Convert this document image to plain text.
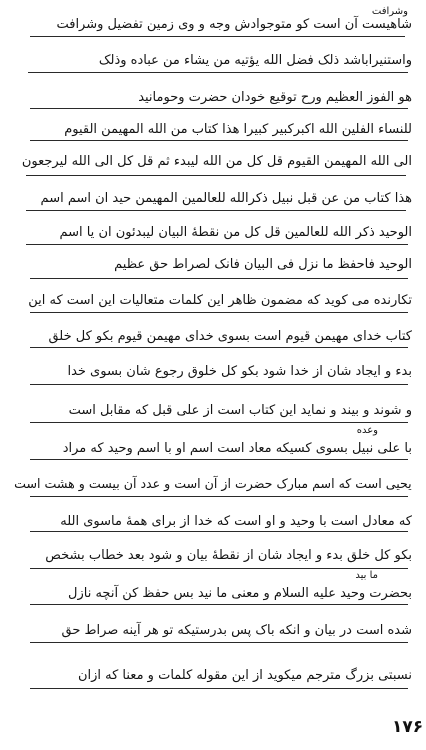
وشرافت
شاهیست آن است کو متوجوادش وجه و وی زمین تفضیل وشرافت
واستنیراباشد ذلک فضل الله یؤتیه من یشاء من عباده وذلک
هو الفوز العظیم ورح توقیع خودان حضرت وحومانید
للنساء الفلین الله اکبرکبیر کبیرا هذا کتاب من الله المهیمن القیوم
الی الله المهیمن القیوم قل کل من الله لیبدء ثم قل کل الی الله لیرجعون
هذا کتاب من عن قبل نبیل ذکرالله للعالمین المهیمن حید ان اسم اسم
الوحید ذکر الله للعالمین قل کل من نقطۀ البیان لیبدئون ان یا اسم
الوحید فاحفظ ما نزل فی البیان فانک لصراط حق عظیم
تکارنده می کوید که مضمون ظاهر این کلمات متعالیات این است که این
کتاب خدای مهیمن قیوم است بسوی خدای مهیمن قیوم بکو کل خلق
بدء و ایجاد شان از خدا شود بکو کل خلوق رجوع شان بسوی خدا
و شوند و بیند و نماید این کتاب است از علی قبل که مقابل است
با علی نبیل بسوی کسیکه معاد است اسم او با اسم وحید که مراد
یحیی است که اسم مبارک حضرت از آن است و عدد آن بیست و هشت است
که معادل است با وحید و او است که خدا از برای همۀ ماسوی الله
بکو کل خلق بدء و ایجاد شان از نقطۀ بیان و شود بعد خطاب بشخص
بحضرت وحید علیه السلام و معنی ما نید بس حفظ کن آنچه نازل
شده است در بیان و انکه باک پس بدرستیکه تو هر آینه صراط حق
نسبتی بزرگ مترجم میکوید از این مقوله کلمات و معنا که ازان
وعده
ما بید
۱۷۶
